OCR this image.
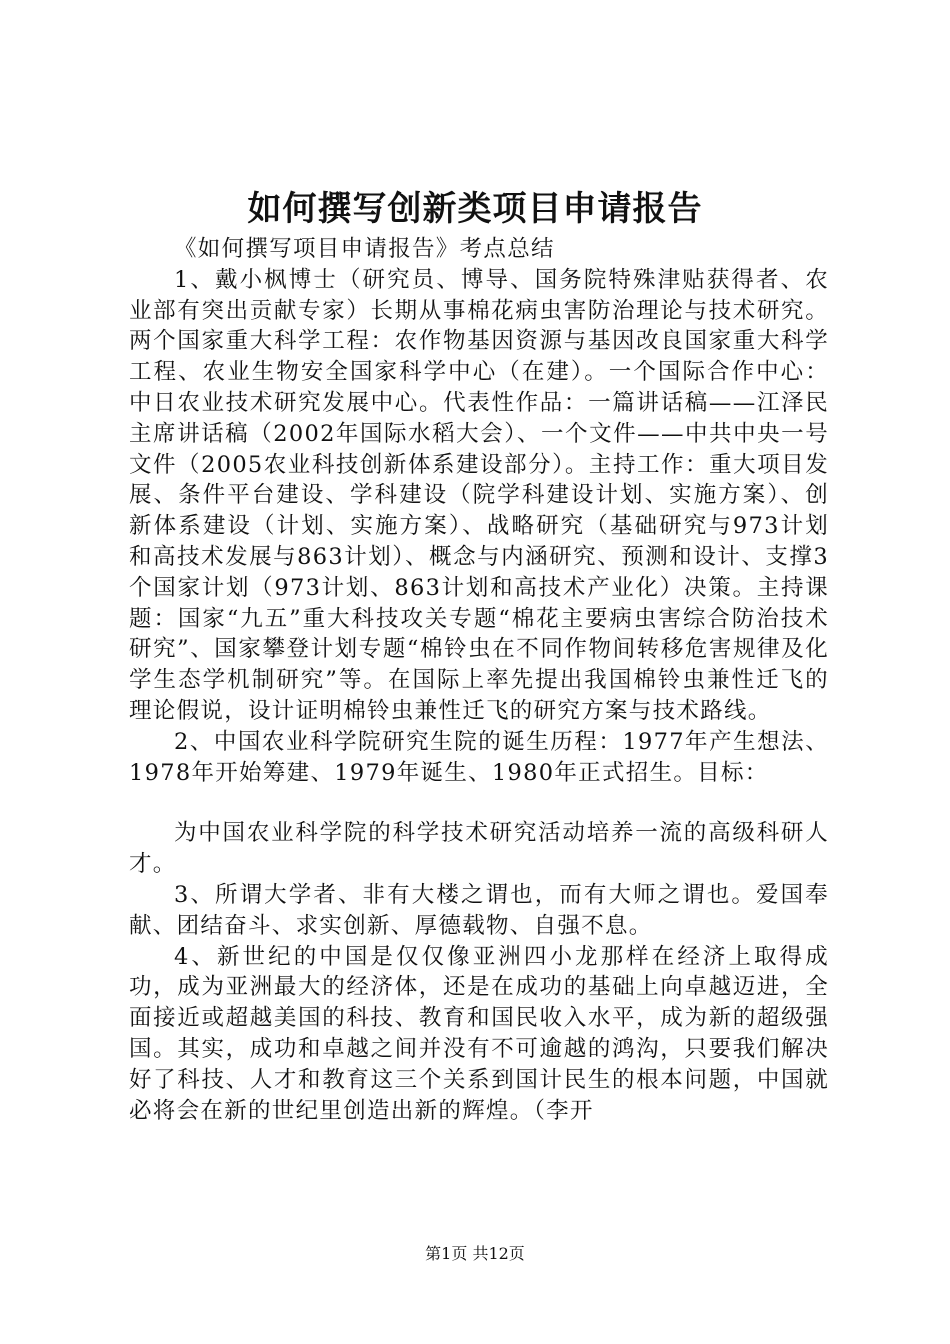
如何撰写创新类项目申请报告

《如何撰写项目申请报告》考点总结

1、戴小枫博士（研究员、博导、国务院特殊津贴获得者、农业部有突出贡献专家）长期从事棉花病虫害防治理论与技术研究。两个国家重大科学工程：农作物基因资源与基因改良国家重大科学工程、农业生物安全国家科学中心（在建）。一个国际合作中心：中日农业技术研究发展中心。代表性作品：一篇讲话稿——江泽民主席讲话稿（2002年国际水稻大会）、一个文件——中共中央一号文件（2005农业科技创新体系建设部分）。主持工作：重大项目发展、条件平台建设、学科建设（院学科建设计划、实施方案）、创新体系建设（计划、实施方案）、战略研究（基础研究与973计划和高技术发展与863计划）、概念与内涵研究、预测和设计、支撑3个国家计划（973计划、863计划和高技术产业化）决策。主持课题：国家“九五”重大科技攻关专题“棉花主要病虫害综合防治技术研究”、国家攀登计划专题“棉铃虫在不同作物间转移危害规律及化学生态学机制研究”等。在国际上率先提出我国棉铃虫兼性迁飞的理论假说，设计证明棉铃虫兼性迁飞的研究方案与技术路线。

2、中国农业科学院研究生院的诞生历程：1977年产生想法、1978年开始筹建、1979年诞生、1980年正式招生。目标：

为中国农业科学院的科学技术研究活动培养一流的高级科研人才。

3、所谓大学者、非有大楼之谓也，而有大师之谓也。爱国奉献、团结奋斗、求实创新、厚德载物、自强不息。

4、新世纪的中国是仅仅像亚洲四小龙那样在经济上取得成功，成为亚洲最大的经济体，还是在成功的基础上向卓越迈进，全面接近或超越美国的科技、教育和国民收入水平，成为新的超级强国。其实，成功和卓越之间并没有不可逾越的鸿沟，只要我们解决好了科技、人才和教育这三个关系到国计民生的根本问题，中国就必将会在新的世纪里创造出新的辉煌。（李开

第1页 共12页
